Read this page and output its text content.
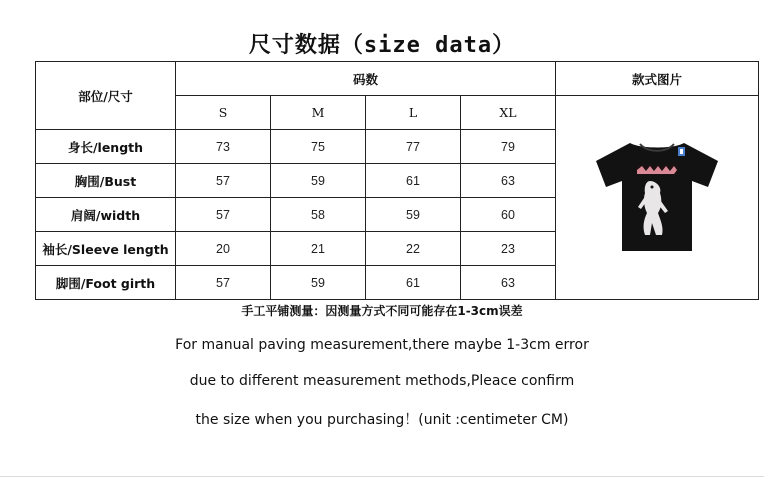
尺寸数据（size data）
部位/尺寸	码数				款式图片
	S	M	L	XL	
身长/length	73	75	77	79	
胸围/Bust	57	59	61	63	
肩阔/width	57	58	59	60	
袖长/Sleeve length	20	21	22	23	
脚围/Foot girth	57	59	61	63	
手工平铺测量：因测量方式不同可能存在1-3cm误差
For manual paving measurement,there maybe 1-3cm error
due to different measurement methods,Pleace confirm
the size when you purchasing！(unit :centimeter CM)
